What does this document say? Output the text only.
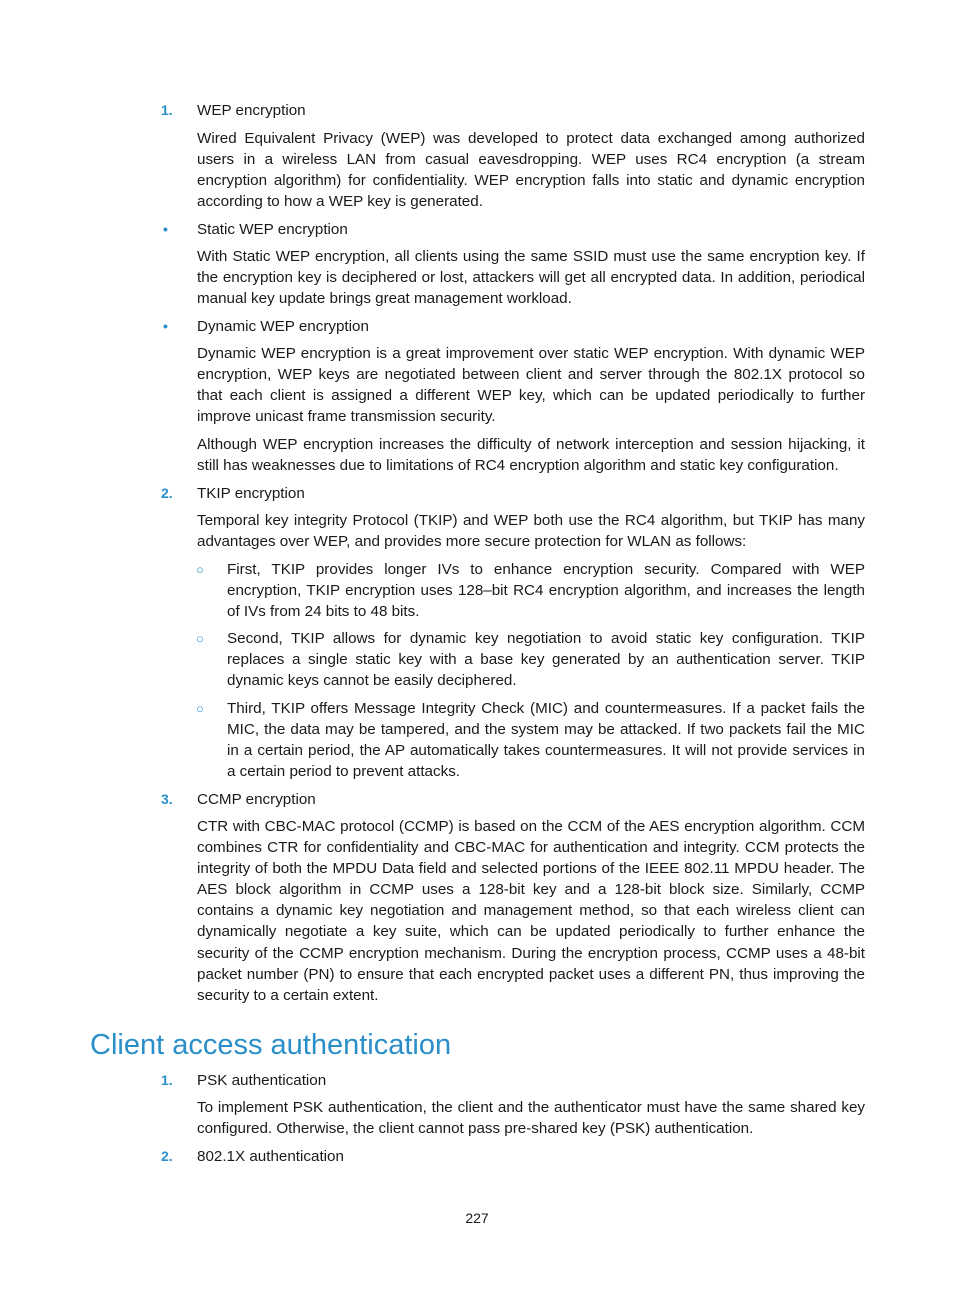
1. WEP encryption

Wired Equivalent Privacy (WEP) was developed to protect data exchanged among authorized users in a wireless LAN from casual eavesdropping. WEP uses RC4 encryption (a stream encryption algorithm) for confidentiality. WEP encryption falls into static and dynamic encryption according to how a WEP key is generated.

• Static WEP encryption

With Static WEP encryption, all clients using the same SSID must use the same encryption key. If the encryption key is deciphered or lost, attackers will get all encrypted data. In addition, periodical manual key update brings great management workload.

• Dynamic WEP encryption

Dynamic WEP encryption is a great improvement over static WEP encryption. With dynamic WEP encryption, WEP keys are negotiated between client and server through the 802.1X protocol so that each client is assigned a different WEP key, which can be updated periodically to further improve unicast frame transmission security.

Although WEP encryption increases the difficulty of network interception and session hijacking, it still has weaknesses due to limitations of RC4 encryption algorithm and static key configuration.

2. TKIP encryption

Temporal key integrity Protocol (TKIP) and WEP both use the RC4 algorithm, but TKIP has many advantages over WEP, and provides more secure protection for WLAN as follows:

○ First, TKIP provides longer IVs to enhance encryption security. Compared with WEP encryption, TKIP encryption uses 128–bit RC4 encryption algorithm, and increases the length of IVs from 24 bits to 48 bits.

○ Second, TKIP allows for dynamic key negotiation to avoid static key configuration. TKIP replaces a single static key with a base key generated by an authentication server. TKIP dynamic keys cannot be easily deciphered.

○ Third, TKIP offers Message Integrity Check (MIC) and countermeasures. If a packet fails the MIC, the data may be tampered, and the system may be attacked. If two packets fail the MIC in a certain period, the AP automatically takes countermeasures. It will not provide services in a certain period to prevent attacks.

3. CCMP encryption

CTR with CBC-MAC protocol (CCMP) is based on the CCM of the AES encryption algorithm. CCM combines CTR for confidentiality and CBC-MAC for authentication and integrity. CCM protects the integrity of both the MPDU Data field and selected portions of the IEEE 802.11 MPDU header. The AES block algorithm in CCMP uses a 128-bit key and a 128-bit block size. Similarly, CCMP contains a dynamic key negotiation and management method, so that each wireless client can dynamically negotiate a key suite, which can be updated periodically to further enhance the security of the CCMP encryption mechanism. During the encryption process, CCMP uses a 48-bit packet number (PN) to ensure that each encrypted packet uses a different PN, thus improving the security to a certain extent.

Client access authentication
1. PSK authentication

To implement PSK authentication, the client and the authenticator must have the same shared key configured. Otherwise, the client cannot pass pre-shared key (PSK) authentication.

2. 802.1X authentication

227
